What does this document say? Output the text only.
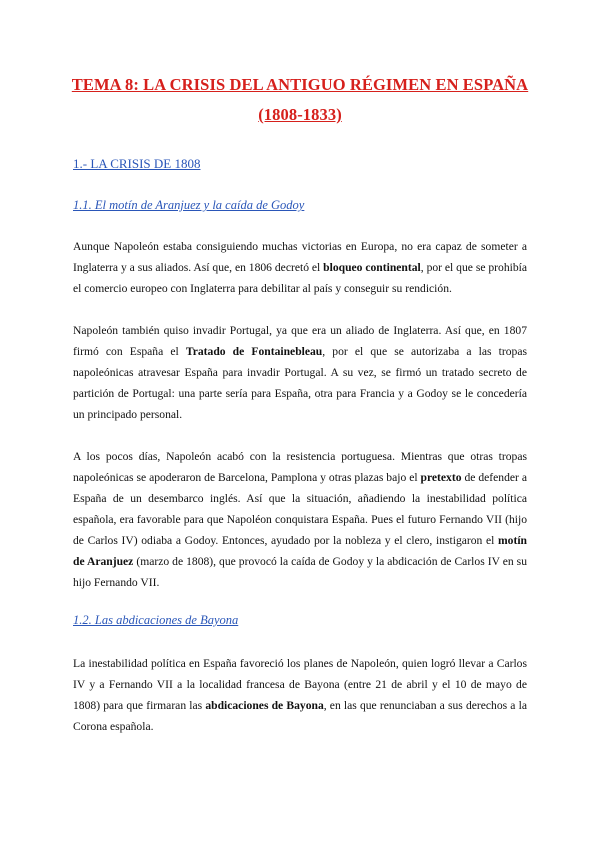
TEMA 8: LA CRISIS DEL ANTIGUO RÉGIMEN EN ESPAÑA (1808-1833)
1.- LA CRISIS DE 1808
1.1. El motín de Aranjuez y la caída de Godoy

Aunque Napoleón estaba consiguiendo muchas victorias en Europa, no era capaz de someter a Inglaterra y a sus aliados. Así que, en 1806 decretó el bloqueo continental, por el que se prohibía el comercio europeo con Inglaterra para debilitar al país y conseguir su rendición.

Napoleón también quiso invadir Portugal, ya que era un aliado de Inglaterra. Así que, en 1807 firmó con España el Tratado de Fontainebleau, por el que se autorizaba a las tropas napoleónicas atravesar España para invadir Portugal. A su vez, se firmó un tratado secreto de partición de Portugal: una parte sería para España, otra para Francia y a Godoy se le concedería un principado personal.

A los pocos días, Napoleón acabó con la resistencia portuguesa. Mientras que otras tropas napoleónicas se apoderaron de Barcelona, Pamplona y otras plazas bajo el pretexto de defender a España de un desembarco inglés. Así que la situación, añadiendo la inestabilidad política española, era favorable para que Napoléon conquistara España. Pues el futuro Fernando VII (hijo de Carlos IV) odiaba a Godoy. Entonces, ayudado por la nobleza y el clero, instigaron el motín de Aranjuez (marzo de 1808), que provocó la caída de Godoy y la abdicación de Carlos IV en su hijo Fernando VII.

1.2. Las abdicaciones de Bayona

La inestabilidad política en España favoreció los planes de Napoleón, quien logró llevar a Carlos IV y a Fernando VII a la localidad francesa de Bayona (entre 21 de abril y el 10 de mayo de 1808) para que firmaran las abdicaciones de Bayona, en las que renunciaban a sus derechos a la Corona española.
